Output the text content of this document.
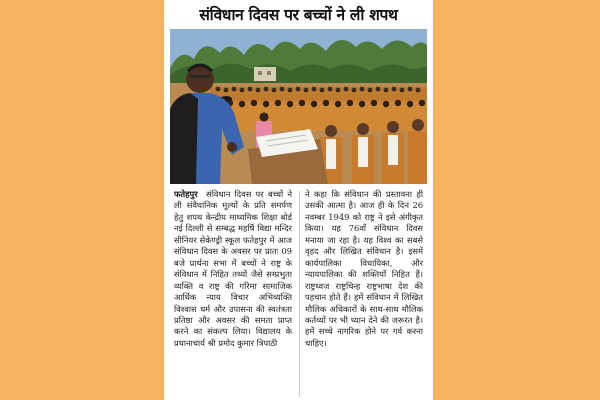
संविधान दिवस पर बच्चों ने ली शपथ
फतेहपुर संविधान दिवस पर बच्चों ने ली संवैधानिक मूल्यों के प्रति समर्पण हेतु शपथ केन्द्रीय माध्यमिक शिक्षा बोर्ड नई दिल्ली से सम्बद्ध महर्षि विद्या मन्दिर सीनियर सेकेण्ड्री स्कूल फतेहपुर में आज संविधान दिवस के अवसर पर प्रातः 09 बजे प्रार्थना सभा में बच्चों ने राष्ट्र के संविधान में निहित तथ्यों जैसे सम्प्रभुता व्यक्ति व राष्ट्र की गरिमा सामाजिक आर्थिक न्याय विचार अभिव्यक्ति विश्वास धर्म और उपासना की स्वतंत्रता प्रतिष्ठा और अवसर की समता प्राप्त करने का संकल्प लिया। विद्यालय के प्रधानाचार्य श्री प्रमोद कुमार त्रिपाठी
ने कहा कि संविधान की प्रस्तावना ही उसकी आत्मा है। आज ही के दिन 26 नवम्बर 1949 को राष्ट्र ने इसे अंगीकृत किया। यह 76वाँ संविधान दिवस मनाया जा रहा है। यह विश्व का सबसे वृहद और लिखित संविधान है। इसमें कार्यपालिका विधायिका, और न्यायपालिका की शक्तियाँ निहित हैं। राष्ट्रध्वज राष्ट्रचिन्ह राष्ट्रभाषा देश की पहचान होते हैं। हमें संविधान में लिखित मौलिक अधिकारों के साथ-साथ मौलिक कर्तव्यों पर भी ध्यान देने की जरूरत है। हमें सच्चे नागरिक होने पर गर्व करना चाहिए।
